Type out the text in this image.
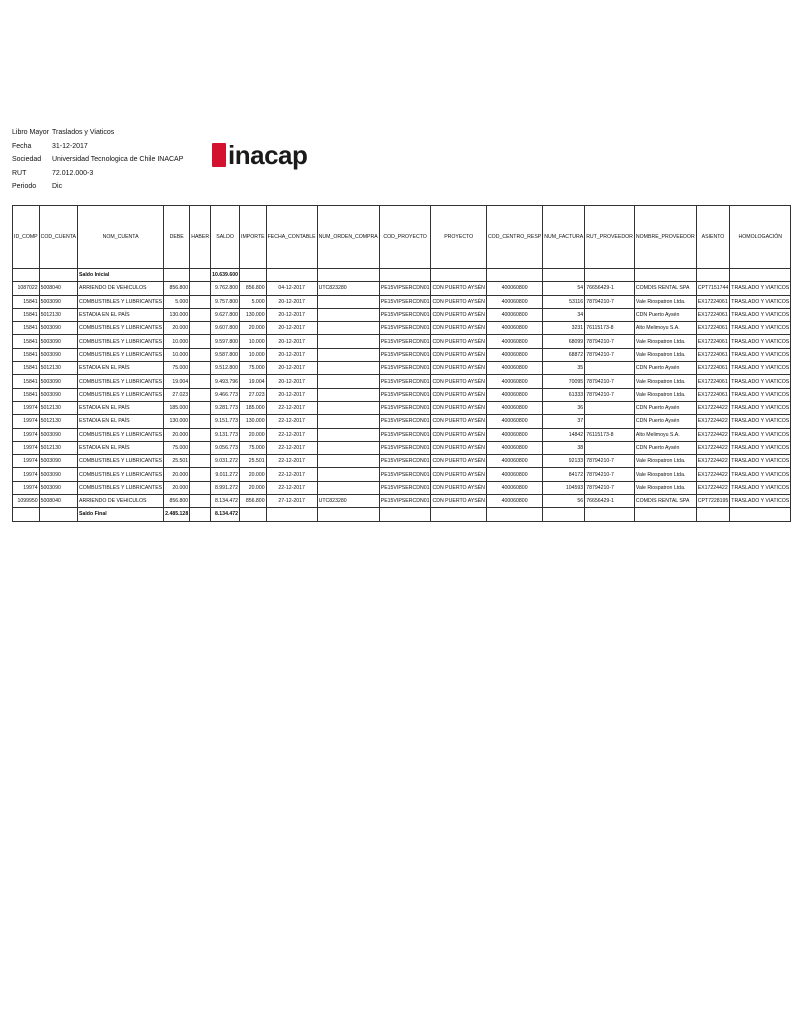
Libro Mayor Traslados y Viaticos
Fecha	31-12-2017
Sociedad	Universidad Tecnologica de Chile INACAP
RUT	72.012.000-3
Periodo	Dic
inacap
ID_COMP	COD_CUENTA	NOM_CUENTA	DEBE	HABER	SALDO	IMPORTE	FECHA_CONTABLE	NUM_ORDEN_COMPRA	COD_PROYECTO	PROYECTO	COD_CENTRO_RESP	NUM_FACTURA	RUT_PROVEEDOR	NOMBRE_PROVEEDOR	ASIENTO	HOMOLOGACIÓN
		Saldo Inicial			10.639.600											
1087022	5008040	ARRIENDO DE VEHICULOS	856.800		9.762.800	856.800	04-12-2017	UTC823280	PE15VIPSERCDN01	CDN PUERTO AYSÉN	400060800	54	76656429-1	COMDIS RENTAL SPA	CPT7151744	TRASLADO Y VIATICOS
15841	5003090	COMBUSTIBLES Y LUBRICANTES	5.000		9.757.800	5.000	20-12-2017		PE15VIPSERCDN01	CDN PUERTO AYSÉN	400060800	53116	78794210-7	Vale Riospatron Ltda.	EX17224061	TRASLADO Y VIATICOS
15841	5012130	ESTADIA EN EL PAÍS	130.000		9.627.800	130.000	20-12-2017		PE15VIPSERCDN01	CDN PUERTO AYSÉN	400060800	34		CDN Puerto Aysén	EX17224061	TRASLADO Y VIATICOS
15841	5003090	COMBUSTIBLES Y LUBRICANTES	20.000		9.607.800	20.000	20-12-2017		PE15VIPSERCDN01	CDN PUERTO AYSÉN	400060800	3231	76115173-8	Alto Melimoyu S.A.	EX17224061	TRASLADO Y VIATICOS
15841	5003090	COMBUSTIBLES Y LUBRICANTES	10.000		9.597.800	10.000	20-12-2017		PE15VIPSERCDN01	CDN PUERTO AYSÉN	400060800	68099	78794210-7	Vale Riospatron Ltda.	EX17224061	TRASLADO Y VIATICOS
15841	5003090	COMBUSTIBLES Y LUBRICANTES	10.000		9.587.800	10.000	20-12-2017		PE15VIPSERCDN01	CDN PUERTO AYSÉN	400060800	68872	78794210-7	Vale Riospatron Ltda.	EX17224061	TRASLADO Y VIATICOS
15841	5012130	ESTADIA EN EL PAÍS	75.000		9.512.800	75.000	20-12-2017		PE15VIPSERCDN01	CDN PUERTO AYSÉN	400060800	35		CDN Puerto Aysén	EX17224061	TRASLADO Y VIATICOS
15841	5003090	COMBUSTIBLES Y LUBRICANTES	19.004		9.493.796	19.004	20-12-2017		PE15VIPSERCDN01	CDN PUERTO AYSÉN	400060800	70095	78794210-7	Vale Riospatron Ltda.	EX17224061	TRASLADO Y VIATICOS
15841	5003090	COMBUSTIBLES Y LUBRICANTES	27.023		9.466.773	27.023	20-12-2017		PE15VIPSERCDN01	CDN PUERTO AYSÉN	400060800	61333	78794210-7	Vale Riospatron Ltda.	EX17224061	TRASLADO Y VIATICOS
19974	5012130	ESTADIA EN EL PAÍS	185.000		9.281.773	185.000	22-12-2017		PE15VIPSERCDN01	CDN PUERTO AYSÉN	400060800	36		CDN Puerto Aysén	EX17224422	TRASLADO Y VIATICOS
19974	5012130	ESTADIA EN EL PAÍS	130.000		9.151.773	130.000	22-12-2017		PE15VIPSERCDN01	CDN PUERTO AYSÉN	400060800	37		CDN Puerto Aysén	EX17224422	TRASLADO Y VIATICOS
19974	5003090	COMBUSTIBLES Y LUBRICANTES	20.000		9.131.773	20.000	22-12-2017		PE15VIPSERCDN01	CDN PUERTO AYSÉN	400060800	14842	76115173-8	Alto Melimoyu S.A.	EX17224422	TRASLADO Y VIATICOS
19974	5012130	ESTADIA EN EL PAÍS	75.000		9.056.773	75.000	22-12-2017		PE15VIPSERCDN01	CDN PUERTO AYSÉN	400060800	38		CDN Puerto Aysén	EX17224422	TRASLADO Y VIATICOS
19974	5003090	COMBUSTIBLES Y LUBRICANTES	25.501		9.031.272	25.501	22-12-2017		PE15VIPSERCDN01	CDN PUERTO AYSÉN	400060800	92133	78794210-7	Vale Riospatron Ltda.	EX17224422	TRASLADO Y VIATICOS
19974	5003090	COMBUSTIBLES Y LUBRICANTES	20.000		9.011.272	20.000	22-12-2017		PE15VIPSERCDN01	CDN PUERTO AYSÉN	400060800	84172	78794210-7	Vale Riospatron Ltda.	EX17224422	TRASLADO Y VIATICOS
19974	5003090	COMBUSTIBLES Y LUBRICANTES	20.000		8.991.272	20.000	22-12-2017		PE15VIPSERCDN01	CDN PUERTO AYSÉN	400060800	104593	78794210-7	Vale Riospatron Ltda.	EX17224422	TRASLADO Y VIATICOS
1099950	5008040	ARRIENDO DE VEHICULOS	856.800		8.134.472	856.800	27-12-2017	UTC823280	PE15VIPSERCDN01	CDN PUERTO AYSÉN	400060800	56	76656429-1	COMDIS RENTAL SPA	CPT7228195	TRASLADO Y VIATICOS
		Saldo Final	2.485.128		8.134.472											
